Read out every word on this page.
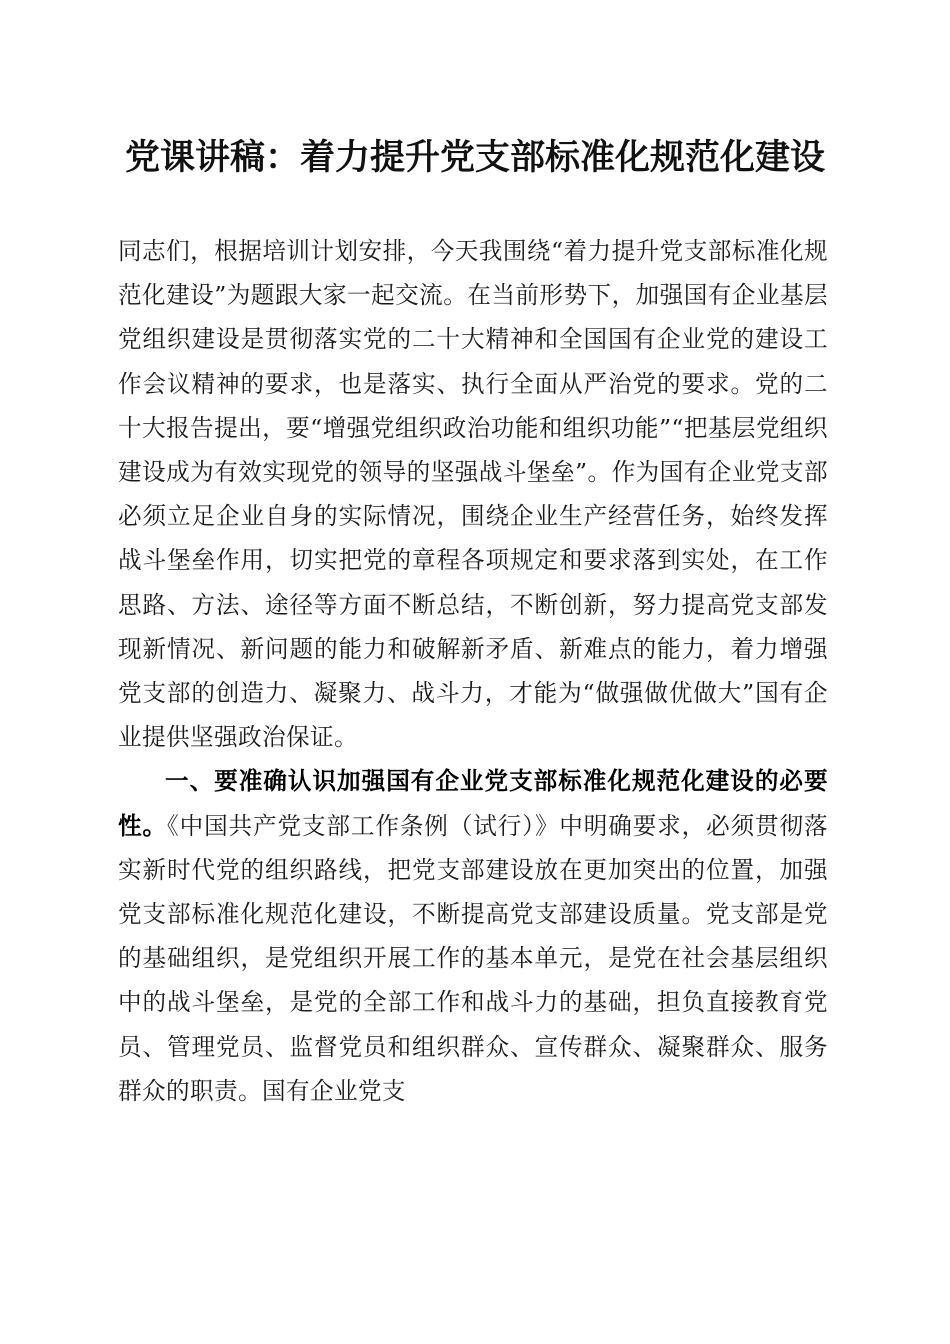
党课讲稿：着力提升党支部标准化规范化建设

同志们，根据培训计划安排，今天我围绕“着力提升党支部标准化规范化建设”为题跟大家一起交流。在当前形势下，加强国有企业基层党组织建设是贯彻落实党的二十大精神和全国国有企业党的建设工作会议精神的要求，也是落实、执行全面从严治党的要求。党的二十大报告提出，要“增强党组织政治功能和组织功能”“把基层党组织建设成为有效实现党的领导的坚强战斗堡垒”。作为国有企业党支部必须立足企业自身的实际情况，围绕企业生产经营任务，始终发挥战斗堡垒作用，切实把党的章程各项规定和要求落到实处，在工作思路、方法、途径等方面不断总结，不断创新，努力提高党支部发现新情况、新问题的能力和破解新矛盾、新难点的能力，着力增强党支部的创造力、凝聚力、战斗力，才能为“做强做优做大”国有企业提供坚强政治保证。

一、要准确认识加强国有企业党支部标准化规范化建设的必要性。《中国共产党支部工作条例（试行）》中明确要求，必须贯彻落实新时代党的组织路线，把党支部建设放在更加突出的位置，加强党支部标准化规范化建设，不断提高党支部建设质量。党支部是党的基础组织，是党组织开展工作的基本单元，是党在社会基层组织中的战斗堡垒，是党的全部工作和战斗力的基础，担负直接教育党员、管理党员、监督党员和组织群众、宣传群众、凝聚群众、服务群众的职责。国有企业党支
